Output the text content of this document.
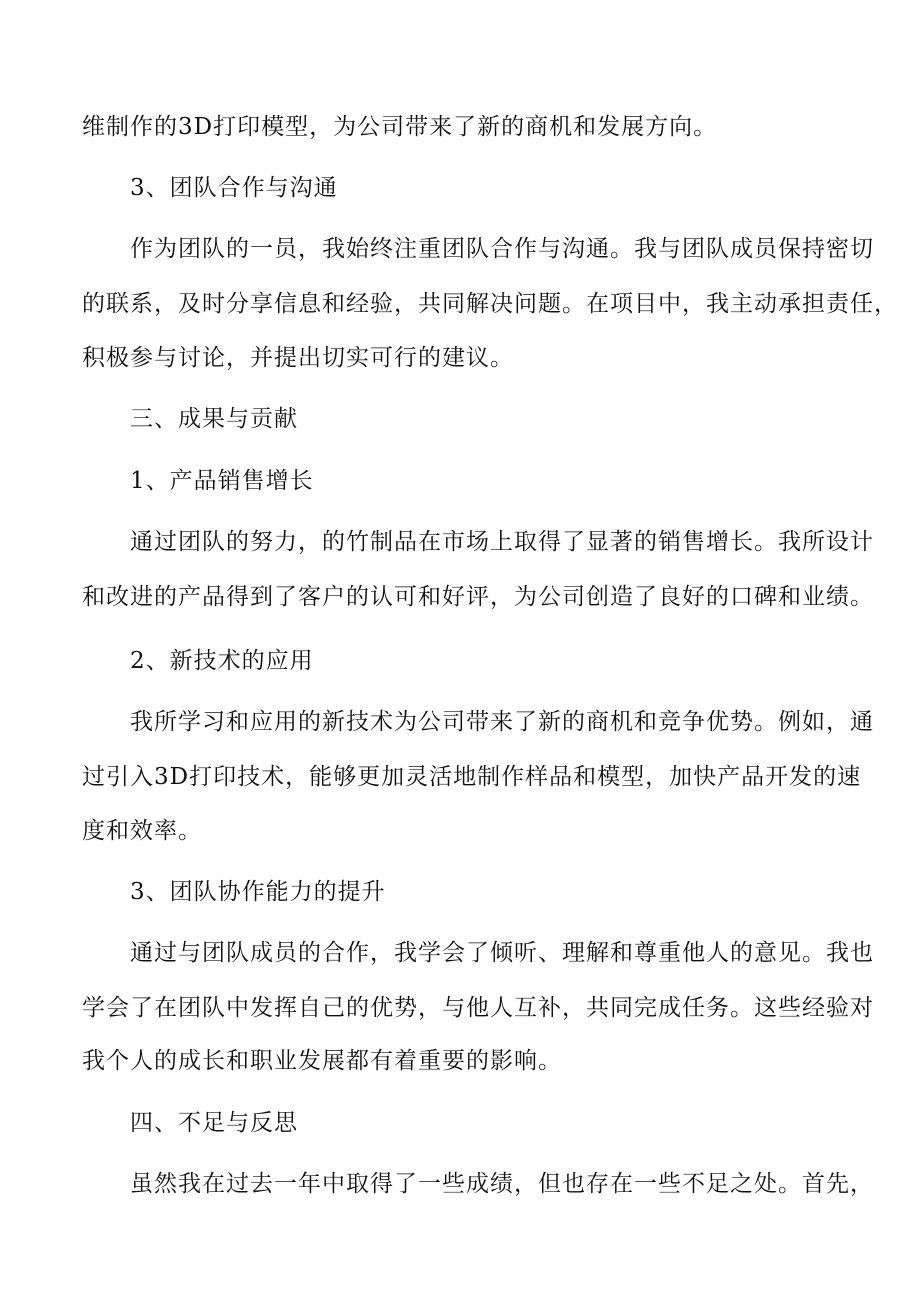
维制作的3D打印模型，为公司带来了新的商机和发展方向。
3、团队合作与沟通
作为团队的一员，我始终注重团队合作与沟通。我与团队成员保持密切
的联系，及时分享信息和经验，共同解决问题。在项目中，我主动承担责任，
积极参与讨论，并提出切实可行的建议。
三、成果与贡献
1、产品销售增长
通过团队的努力，的竹制品在市场上取得了显著的销售增长。我所设计
和改进的产品得到了客户的认可和好评，为公司创造了良好的口碑和业绩。
2、新技术的应用
我所学习和应用的新技术为公司带来了新的商机和竞争优势。例如，通
过引入3D打印技术，能够更加灵活地制作样品和模型，加快产品开发的速
度和效率。
3、团队协作能力的提升
通过与团队成员的合作，我学会了倾听、理解和尊重他人的意见。我也
学会了在团队中发挥自己的优势，与他人互补，共同完成任务。这些经验对
我个人的成长和职业发展都有着重要的影响。
四、不足与反思
虽然我在过去一年中取得了一些成绩，但也存在一些不足之处。首先，
